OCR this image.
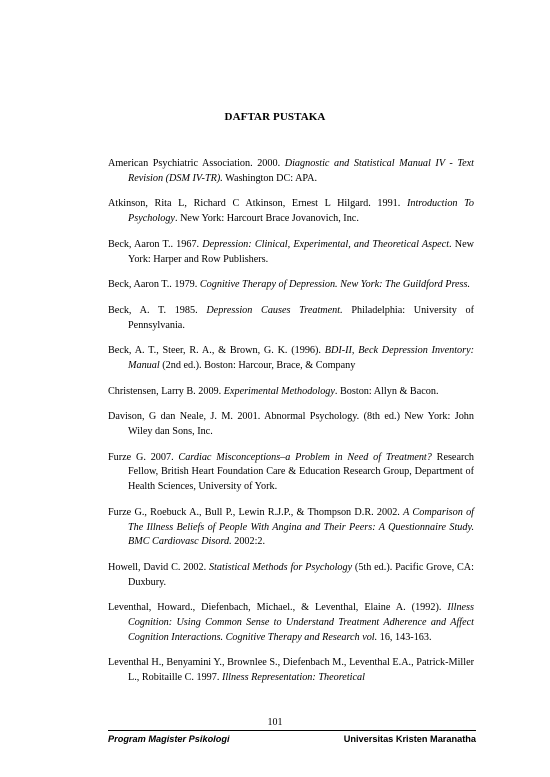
DAFTAR PUSTAKA

American Psychiatric Association. 2000. Diagnostic and Statistical Manual IV - Text Revision (DSM IV-TR). Washington DC: APA.

Atkinson, Rita L, Richard C Atkinson, Ernest L Hilgard. 1991. Introduction To Psychology. New York: Harcourt Brace Jovanovich, Inc.

Beck, Aaron T.. 1967. Depression: Clinical, Experimental, and Theoretical Aspect. New York: Harper and Row Publishers.

Beck, Aaron T.. 1979. Cognitive Therapy of Depression. New York: The Guildford Press.

Beck, A. T. 1985. Depression Causes Treatment. Philadelphia: University of Pennsylvania.

Beck, A. T., Steer, R. A., & Brown, G. K. (1996). BDI-II, Beck Depression Inventory: Manual (2nd ed.). Boston: Harcour, Brace, & Company

Christensen, Larry B. 2009. Experimental Methodology. Boston: Allyn & Bacon.

Davison, G dan Neale, J. M. 2001. Abnormal Psychology. (8th ed.) New York: John Wiley dan Sons, Inc.

Furze G. 2007. Cardiac Misconceptions–a Problem in Need of Treatment? Research Fellow, British Heart Foundation Care & Education Research Group, Department of Health Sciences, University of York.

Furze G., Roebuck A., Bull P., Lewin R.J.P., & Thompson D.R. 2002. A Comparison of The Illness Beliefs of People With Angina and Their Peers: A Questionnaire Study. BMC Cardiovasc Disord. 2002:2.

Howell, David C. 2002. Statistical Methods for Psychology (5th ed.). Pacific Grove, CA: Duxbury.

Leventhal, Howard., Diefenbach, Michael., & Leventhal, Elaine A. (1992). Illness Cognition: Using Common Sense to Understand Treatment Adherence and Affect Cognition Interactions. Cognitive Therapy and Research vol. 16, 143-163.

Leventhal H., Benyamini Y., Brownlee S., Diefenbach M., Leventhal E.A., Patrick-Miller L., Robitaille C. 1997. Illness Representation: Theoretical

101
Program Magister Psikologi	Universitas Kristen Maranatha
